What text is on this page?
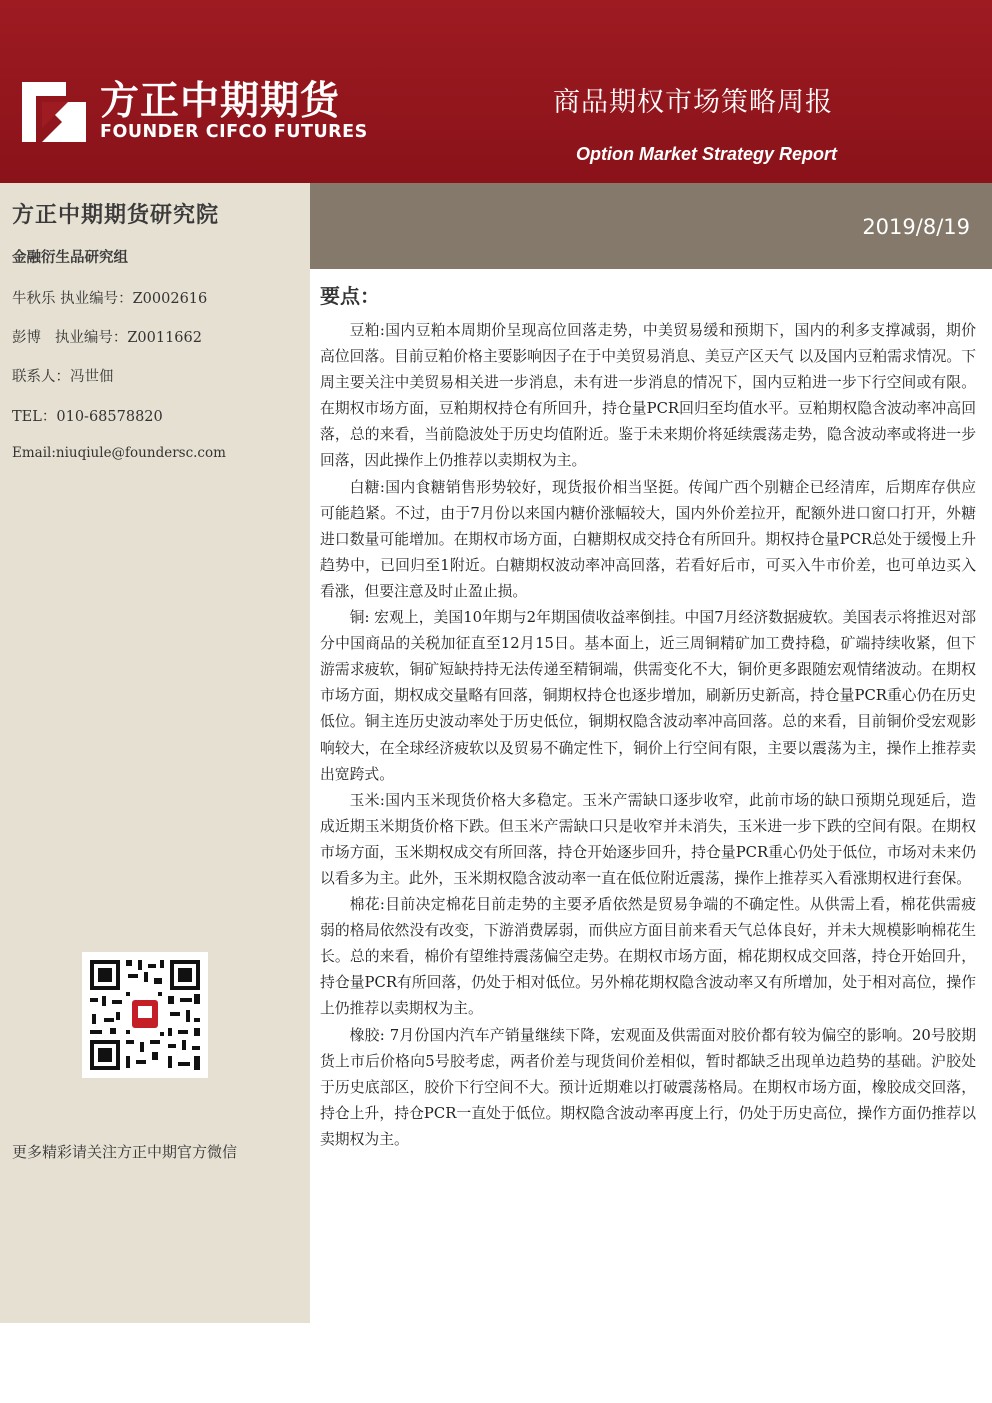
方正中期期货
FOUNDER CIFCO FUTURES
商品期权市场策略周报
Option Market Strategy Report
2019/8/19
方正中期期货研究院
金融衍生品研究组
牛秋乐 执业编号：Z0002616
彭博   执业编号：Z0011662
联系人：冯世佃
TEL：010-68578820
Email:niuqiule@foundersc.com
更多精彩请关注方正中期官方微信
要点：

豆粕:国内豆粕本周期价呈现高位回落走势，中美贸易缓和预期下，国内的利多支撑减弱，期价高位回落。目前豆粕价格主要影响因子在于中美贸易消息、美豆产区天气 以及国内豆粕需求情况。下周主要关注中美贸易相关进一步消息，未有进一步消息的情况下，国内豆粕进一步下行空间或有限。在期权市场方面，豆粕期权持仓有所回升，持仓量PCR回归至均值水平。豆粕期权隐含波动率冲高回落，总的来看，当前隐波处于历史均值附近。鉴于未来期价将延续震荡走势，隐含波动率或将进一步回落，因此操作上仍推荐以卖期权为主。

白糖:国内食糖销售形势较好，现货报价相当坚挺。传闻广西个别糖企已经清库，后期库存供应可能趋紧。不过，由于7月份以来国内糖价涨幅较大，国内外价差拉开，配额外进口窗口打开，外糖进口数量可能增加。在期权市场方面，白糖期权成交持仓有所回升。期权持仓量PCR总处于缓慢上升趋势中，已回归至1附近。白糖期权波动率冲高回落，若看好后市，可买入牛市价差，也可单边买入看涨，但要注意及时止盈止损。

铜: 宏观上，美国10年期与2年期国债收益率倒挂。中国7月经济数据疲软。美国表示将推迟对部分中国商品的关税加征直至12月15日。基本面上，近三周铜精矿加工费持稳，矿端持续收紧，但下游需求疲软，铜矿短缺持持无法传递至精铜端，供需变化不大，铜价更多跟随宏观情绪波动。在期权市场方面，期权成交量略有回落，铜期权持仓也逐步增加，刷新历史新高，持仓量PCR重心仍在历史低位。铜主连历史波动率处于历史低位，铜期权隐含波动率冲高回落。总的来看，目前铜价受宏观影响较大，在全球经济疲软以及贸易不确定性下，铜价上行空间有限，主要以震荡为主，操作上推荐卖出宽跨式。

玉米:国内玉米现货价格大多稳定。玉米产需缺口逐步收窄，此前市场的缺口预期兑现延后，造成近期玉米期货价格下跌。但玉米产需缺口只是收窄并未消失，玉米进一步下跌的空间有限。在期权市场方面，玉米期权成交有所回落，持仓开始逐步回升，持仓量PCR重心仍处于低位，市场对未来仍以看多为主。此外，玉米期权隐含波动率一直在低位附近震荡，操作上推荐买入看涨期权进行套保。

棉花:目前决定棉花目前走势的主要矛盾依然是贸易争端的不确定性。从供需上看，棉花供需疲弱的格局依然没有改变，下游消费孱弱，而供应方面目前来看天气总体良好，并未大规模影响棉花生长。总的来看，棉价有望维持震荡偏空走势。在期权市场方面，棉花期权成交回落，持仓开始回升，持仓量PCR有所回落，仍处于相对低位。另外棉花期权隐含波动率又有所增加，处于相对高位，操作上仍推荐以卖期权为主。

橡胶: 7月份国内汽车产销量继续下降，宏观面及供需面对胶价都有较为偏空的影响。20号胶期货上市后价格向5号胶考虑，两者价差与现货间价差相似，暂时都缺乏出现单边趋势的基础。沪胶处于历史底部区，胶价下行空间不大。预计近期难以打破震荡格局。在期权市场方面，橡胶成交回落，持仓上升，持仓PCR一直处于低位。期权隐含波动率再度上行，仍处于历史高位，操作方面仍推荐以卖期权为主。
